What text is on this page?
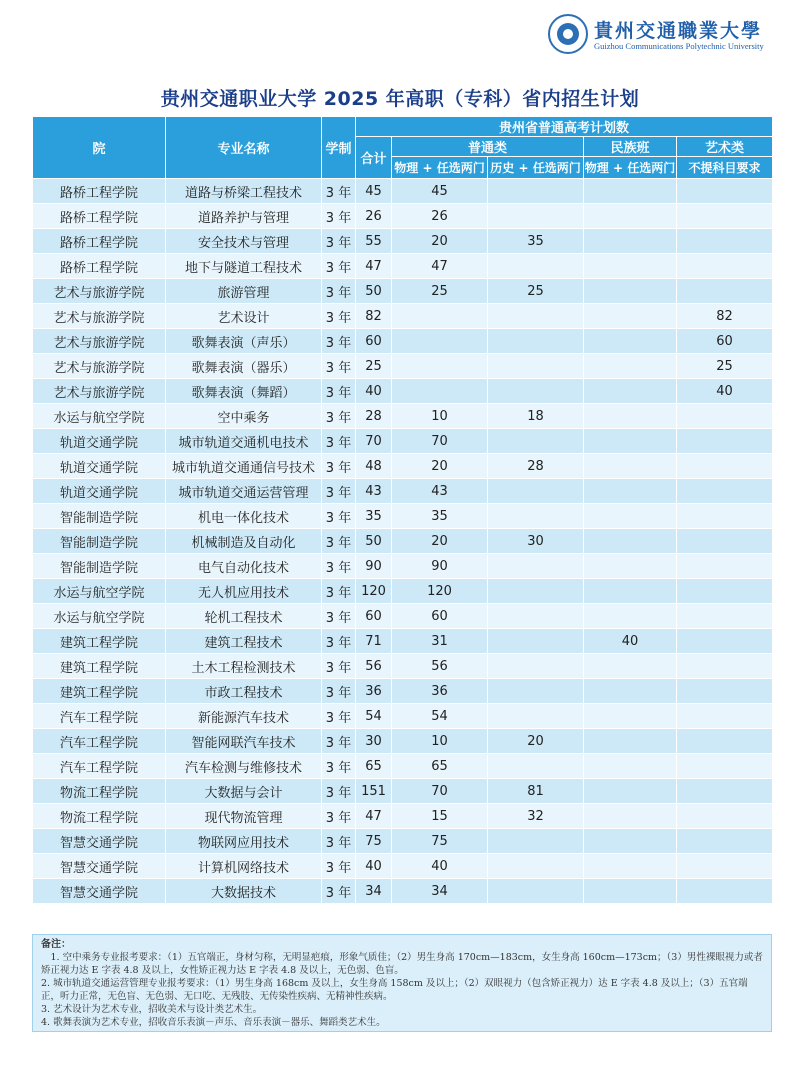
貴州交通職業大學
Guizhou Communications Polytechnic University
贵州交通职业大学 2025 年高职（专科）省内招生计划
院	专业名称	学制	贵州省普通高考计划数				
			合计	普通类		民族班	艺术类
				物理 + 任选两门	历史 + 任选两门	物理 + 任选两门	不提科目要求
路桥工程学院	道路与桥梁工程技术	3 年	45	45			
路桥工程学院	道路养护与管理	3 年	26	26			
路桥工程学院	安全技术与管理	3 年	55	20	35		
路桥工程学院	地下与隧道工程技术	3 年	47	47			
艺术与旅游学院	旅游管理	3 年	50	25	25		
艺术与旅游学院	艺术设计	3 年	82				82
艺术与旅游学院	歌舞表演（声乐）	3 年	60				60
艺术与旅游学院	歌舞表演（器乐）	3 年	25				25
艺术与旅游学院	歌舞表演（舞蹈）	3 年	40				40
水运与航空学院	空中乘务	3 年	28	10	18		
轨道交通学院	城市轨道交通机电技术	3 年	70	70			
轨道交通学院	城市轨道交通通信号技术	3 年	48	20	28		
轨道交通学院	城市轨道交通运营管理	3 年	43	43			
智能制造学院	机电一体化技术	3 年	35	35			
智能制造学院	机械制造及自动化	3 年	50	20	30		
智能制造学院	电气自动化技术	3 年	90	90			
水运与航空学院	无人机应用技术	3 年	120	120			
水运与航空学院	轮机工程技术	3 年	60	60			
建筑工程学院	建筑工程技术	3 年	71	31		40	
建筑工程学院	土木工程检测技术	3 年	56	56			
建筑工程学院	市政工程技术	3 年	36	36			
汽车工程学院	新能源汽车技术	3 年	54	54			
汽车工程学院	智能网联汽车技术	3 年	30	10	20		
汽车工程学院	汽车检测与维修技术	3 年	65	65			
物流工程学院	大数据与会计	3 年	151	70	81		
物流工程学院	现代物流管理	3 年	47	15	32		
智慧交通学院	物联网应用技术	3 年	75	75			
智慧交通学院	计算机网络技术	3 年	40	40			
智慧交通学院	大数据技术	3 年	34	34			

备注：

　1. 空中乘务专业报考要求：（1）五官端正，身材匀称，无明显疤痕，形象气质佳；（2）男生身高 170cm—183cm，女生身高 160cm—173cm；（3）男性裸眼视力或者矫正视力达 E 字表 4.8 及以上，女性矫正视力达 E 字表 4.8 及以上，无色弱、色盲。

2. 城市轨道交通运营管理专业报考要求：（1）男生身高 168cm 及以上，女生身高 158cm 及以上；（2）双眼视力（包含矫正视力）达 E 字表 4.8 及以上；（3）五官端正，听力正常，无色盲、无色弱、无口吃、无残肢、无传染性疾病、无精神性疾病。

3. 艺术设计为艺术专业，招收美术与设计类艺术生。

4. 歌舞表演为艺术专业，招收音乐表演－声乐、音乐表演－器乐、舞蹈类艺术生。
